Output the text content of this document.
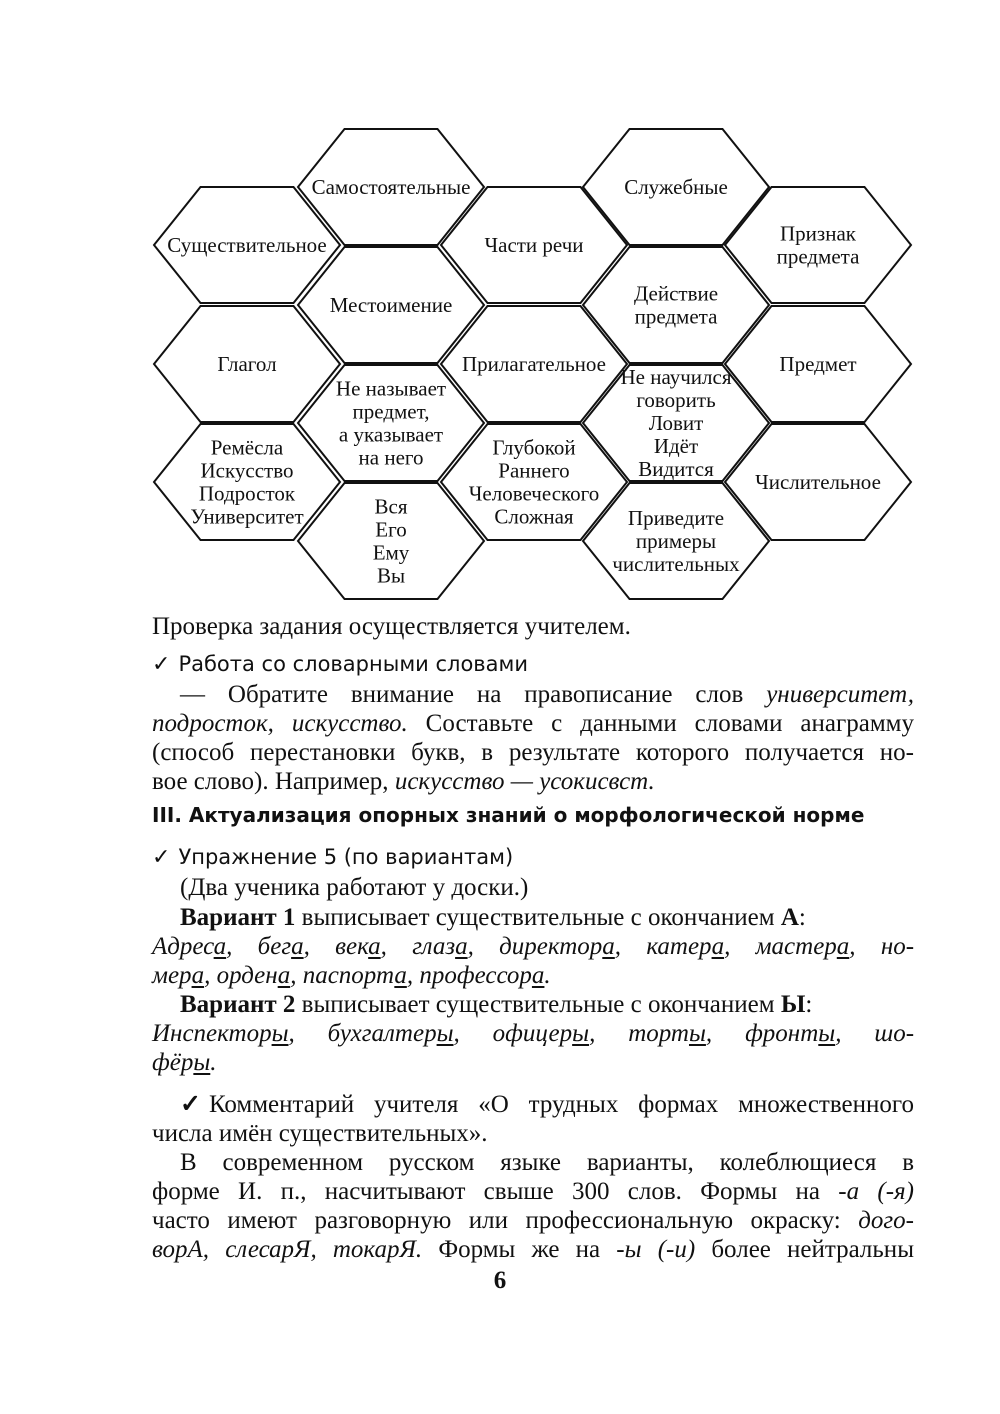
Самостоятельные	Служебные
Существительное	Части речи	Признак
предмета
Местоимение	Действие
предмета
Глагол	Прилагательное	Предмет
Не называет
предмет,
а указывает
на него
Не научился
говорить
Ловит
Идёт
Видится
Ремёсла
Искусство
Подросток
Университет
Глубокой
Раннего
Человеческого
Сложная
Числительное
Вся
Его
Ему
Вы
Приведите
примеры
числительных
Проверка задания осуществляется учителем.
✓ Работа со словарными словами
— Обратите внимание на правописание слов университет,
подросток, искусство. Составьте с данными словами анаграмму
(способ перестановки букв, в результате которого получается но-
вое слово). Например, искусство — усокисвст.
III. Актуализация опорных знаний о морфологической норме
✓ Упражнение 5 (по вариантам)
(Два ученика работают у доски.)
Вариант 1 выписывает существительные с окончанием А:
Адреса, бега, века, глаза, директора, катера, мастера, но-
мера, ордена, паспорта, профессора.
Вариант 2 выписывает существительные с окончанием Ы:
Инспекторы, бухгалтеры, офицеры, торты, фронты, шо-
фёры.
✓ Комментарий учителя «О трудных формах множественного
числа имён существительных».
В современном русском языке варианты, колеблющиеся в
форме И. п., насчитывают свыше 300 слов. Формы на -а (-я)
часто имеют разговорную или профессиональную окраску: дого-
ворА, слесарЯ, токарЯ. Формы же на -ы (-и) более нейтральны
6
